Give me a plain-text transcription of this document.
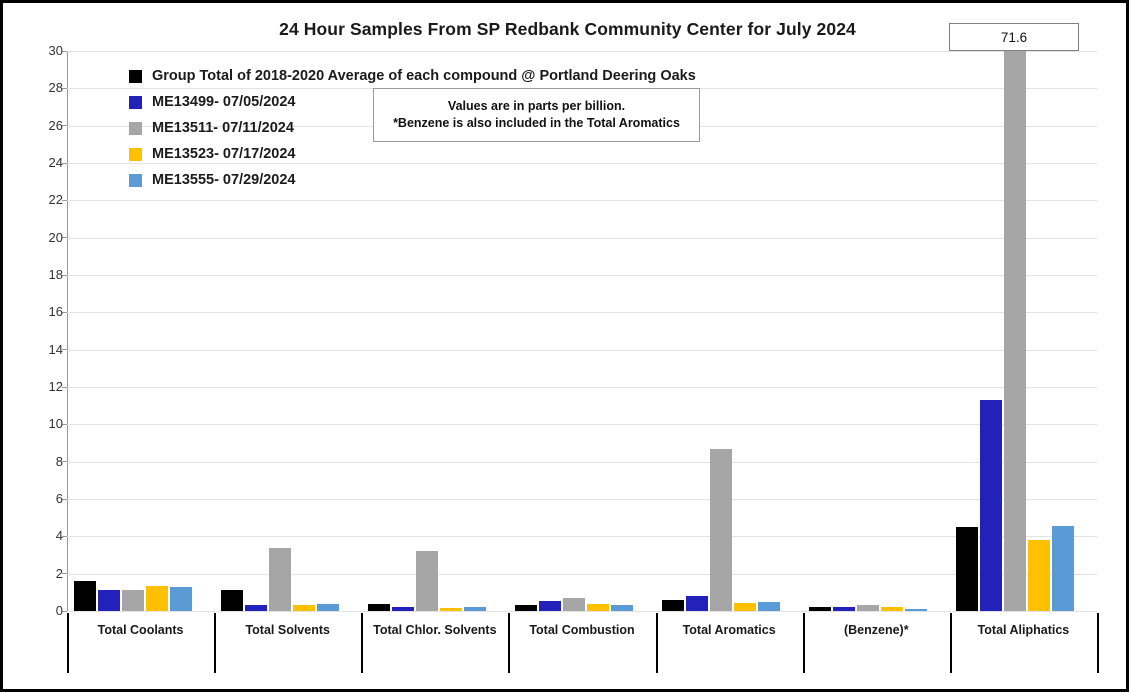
24 Hour Samples From SP Redbank Community Center for July 2024	71.6
0
2
4
6
8
10
12
14
16
18
20
22
24
26
28
30
Total Coolants	Total Solvents	Total Chlor. Solvents	Total Combustion	Total Aromatics	(Benzene)*	Total Aliphatics
Group Total of 2018-2020 Average of each compound @ Portland Deering Oaks
ME13499- 07/05/2024
ME13511- 07/11/2024
ME13523- 07/17/2024
ME13555- 07/29/2024
Values are in parts per billion.
*Benzene is also included in the Total Aromatics
